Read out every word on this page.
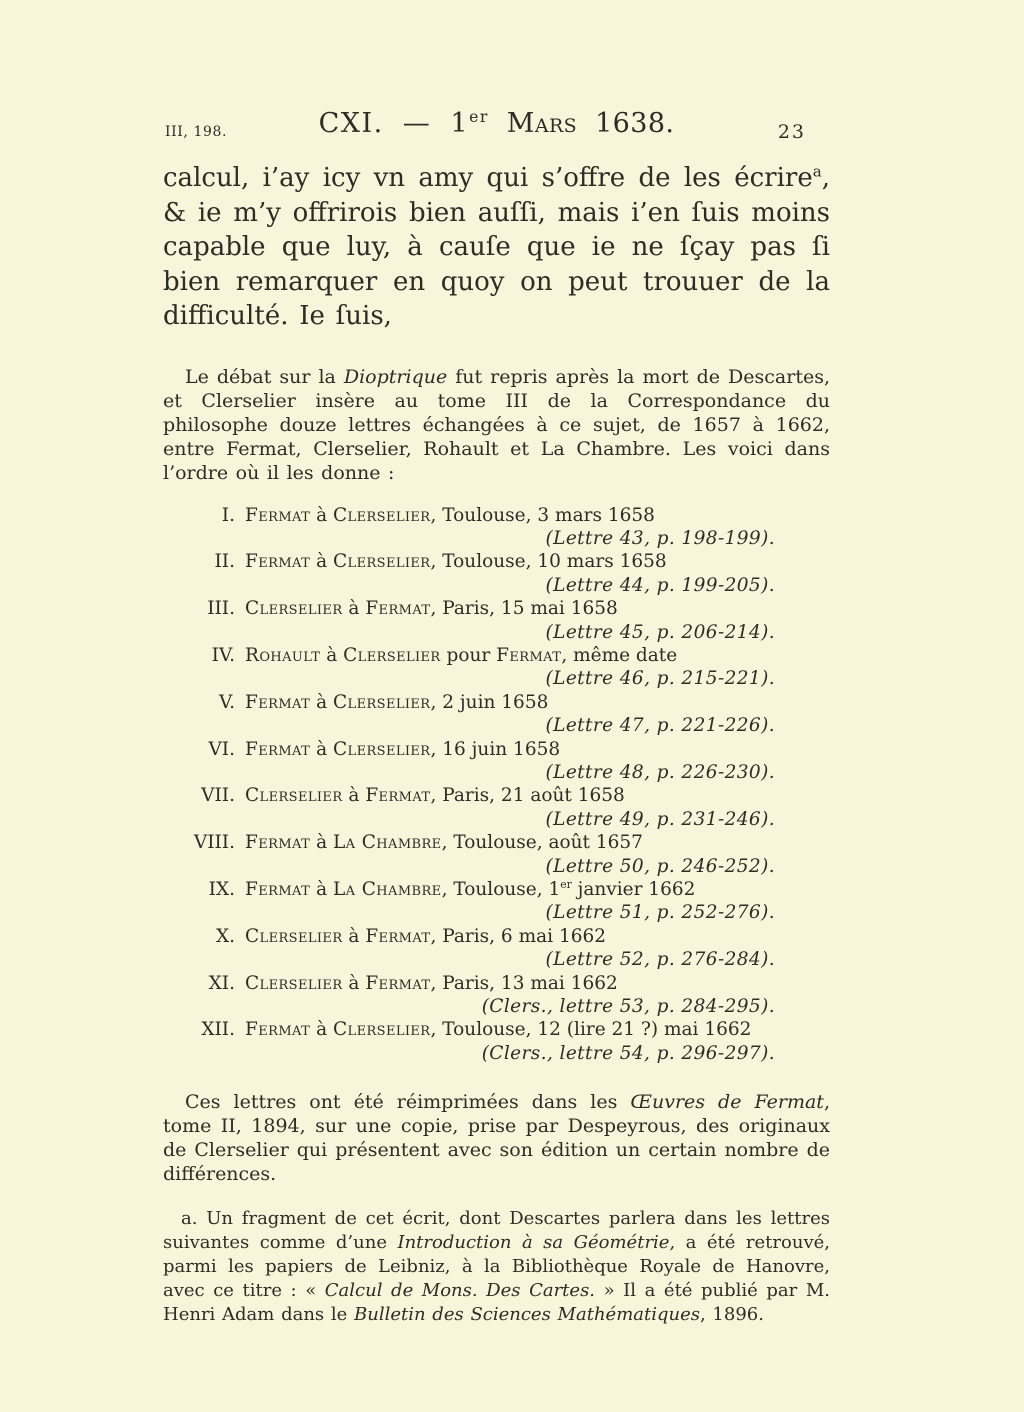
III, 198.	CXI. — 1er Mars 1638.	23

calcul, i’ay icy vn amy qui s’offre de les écrire$^a$, & ie m’y offrirois bien auſſi, mais i’en ſuis moins capable que luy, à cauſe que ie ne ſçay pas ſi bien remarquer en quoy on peut trouuer de la difficulté. Ie ſuis,

Le débat sur la Dioptrique fut repris après la mort de Descartes, et Clerselier insère au tome III de la Correspondance du philosophe douze lettres échangées à ce sujet, de 1657 à 1662, entre Fermat, Clerselier, Rohault et La Chambre. Les voici dans l’ordre où il les donne :

I. Fermat à Clerselier, Toulouse, 3 mars 1658
(Lettre 43, p. 198-199).
II. Fermat à Clerselier, Toulouse, 10 mars 1658
(Lettre 44, p. 199-205).
III. Clerselier à Fermat, Paris, 15 mai 1658
(Lettre 45, p. 206-214).
IV. Rohault à Clerselier pour Fermat, même date
(Lettre 46, p. 215-221).
V. Fermat à Clerselier, 2 juin 1658
(Lettre 47, p. 221-226).
VI. Fermat à Clerselier, 16 juin 1658
(Lettre 48, p. 226-230).
VII. Clerselier à Fermat, Paris, 21 août 1658
(Lettre 49, p. 231-246).
VIII. Fermat à La Chambre, Toulouse, août 1657
(Lettre 50, p. 246-252).
IX. Fermat à La Chambre, Toulouse, 1er janvier 1662
(Lettre 51, p. 252-276).
X. Clerselier à Fermat, Paris, 6 mai 1662
(Lettre 52, p. 276-284).
XI. Clerselier à Fermat, Paris, 13 mai 1662
(Clers., lettre 53, p. 284-295).
XII. Fermat à Clerselier, Toulouse, 12 (lire 21 ?) mai 1662
(Clers., lettre 54, p. 296-297).

Ces lettres ont été réimprimées dans les Œuvres de Fermat, tome II, 1894, sur une copie, prise par Despeyrous, des originaux de Clerselier qui présentent avec son édition un certain nombre de différences.

a. Un fragment de cet écrit, dont Descartes parlera dans les lettres suivantes comme d’une Introduction à sa Géométrie, a été retrouvé, parmi les papiers de Leibniz, à la Bibliothèque Royale de Hanovre, avec ce titre : « Calcul de Mons. Des Cartes. » Il a été publié par M. Henri Adam dans le Bulletin des Sciences Mathématiques, 1896.
